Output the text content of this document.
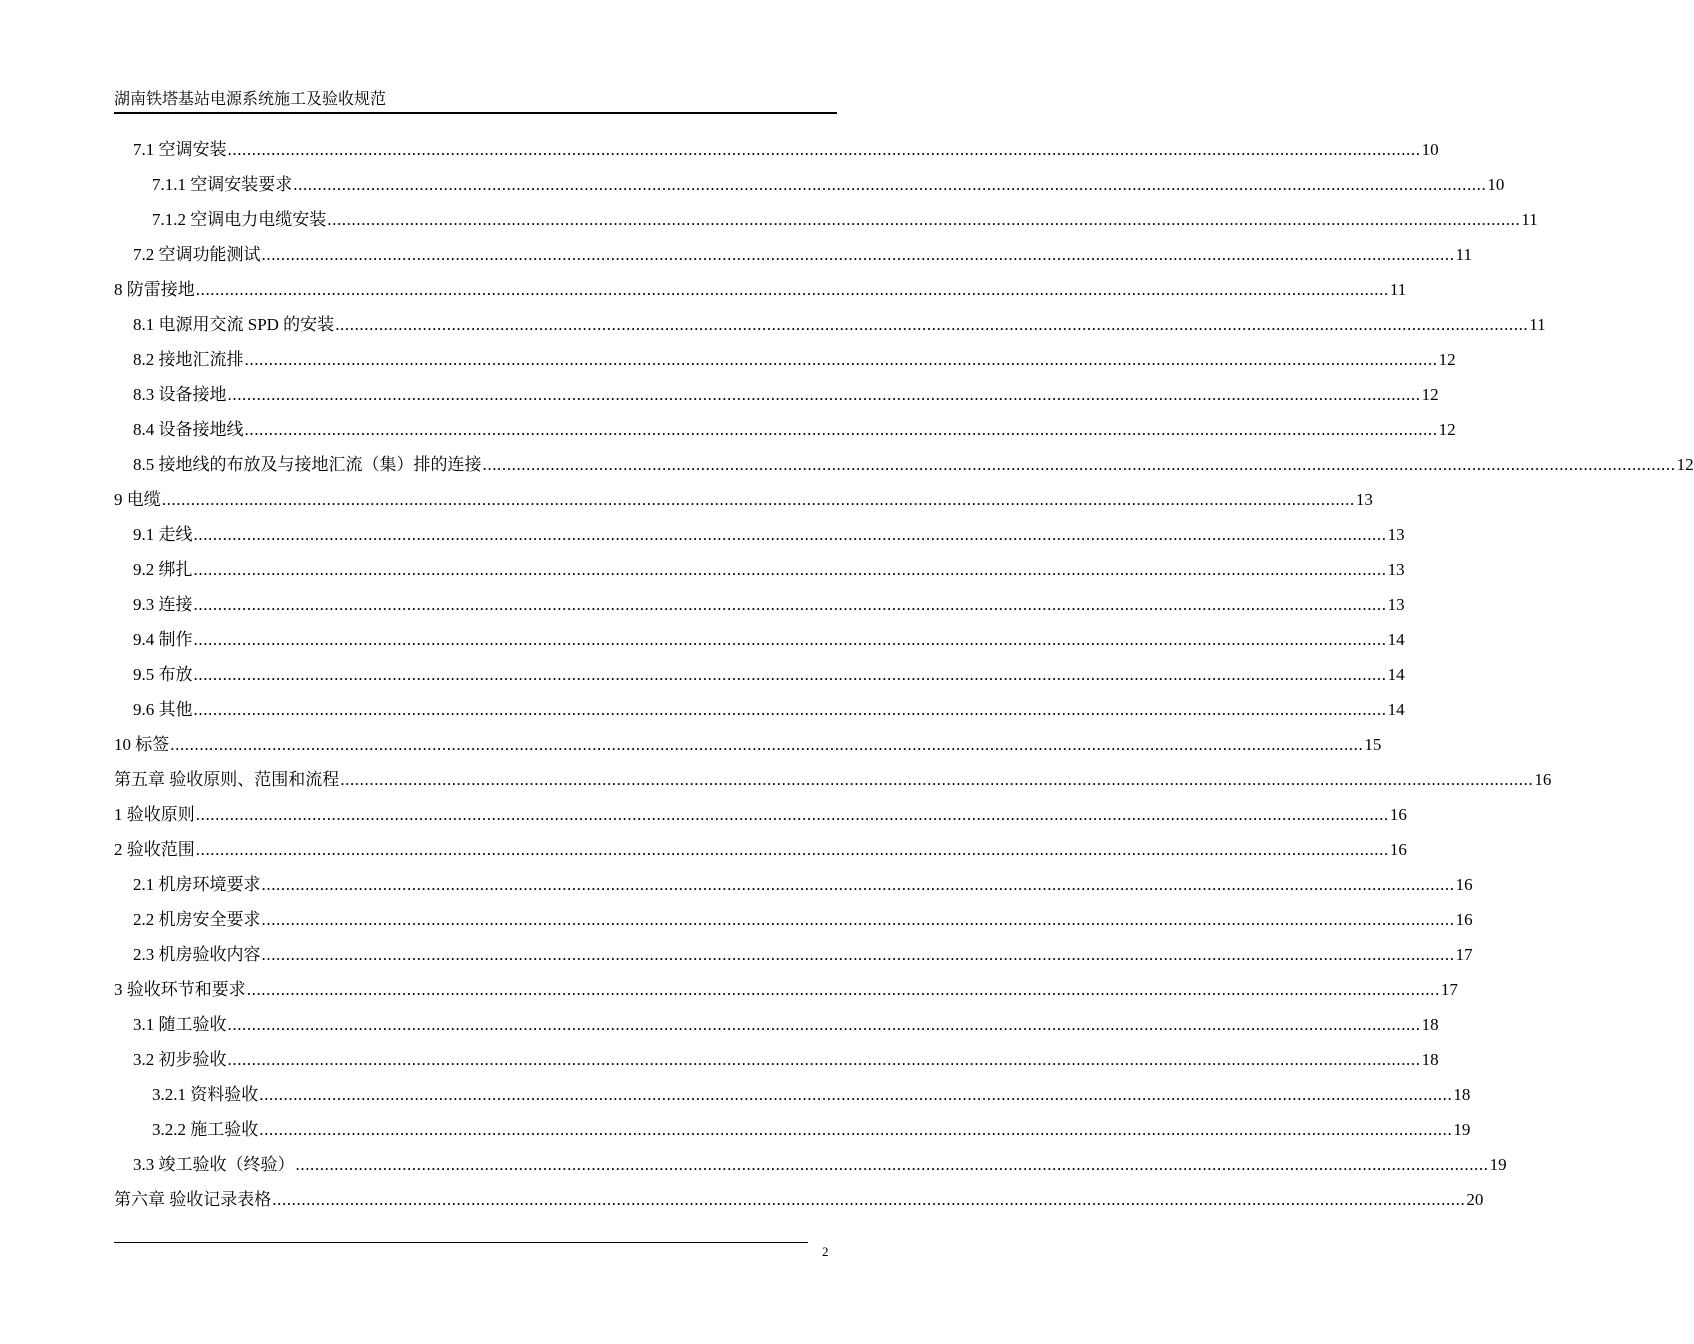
湖南铁塔基站电源系统施工及验收规范
7.1 空调安装 ...................................................................................................................................................................................................................................................... 10
7.1.1 空调安装要求 ...................................................................................................................................................................................................................................................... 10
7.1.2 空调电力电缆安装 ...................................................................................................................................................................................................................................................... 11
7.2 空调功能测试 ...................................................................................................................................................................................................................................................... 11
8 防雷接地 ...................................................................................................................................................................................................................................................... 11
8.1 电源用交流 SPD 的安装 ...................................................................................................................................................................................................................................................... 11
8.2 接地汇流排 ...................................................................................................................................................................................................................................................... 12
8.3 设备接地 ...................................................................................................................................................................................................................................................... 12
8.4 设备接地线 ...................................................................................................................................................................................................................................................... 12
8.5 接地线的布放及与接地汇流（集）排的连接 ...................................................................................................................................................................................................................................................... 12
9 电缆 ...................................................................................................................................................................................................................................................... 13
9.1 走线 ...................................................................................................................................................................................................................................................... 13
9.2 绑扎 ...................................................................................................................................................................................................................................................... 13
9.3 连接 ...................................................................................................................................................................................................................................................... 13
9.4 制作 ...................................................................................................................................................................................................................................................... 14
9.5 布放 ...................................................................................................................................................................................................................................................... 14
9.6 其他 ...................................................................................................................................................................................................................................................... 14
10 标签 ...................................................................................................................................................................................................................................................... 15
第五章 验收原则、范围和流程 ...................................................................................................................................................................................................................................................... 16
1 验收原则 ...................................................................................................................................................................................................................................................... 16
2 验收范围 ...................................................................................................................................................................................................................................................... 16
2.1 机房环境要求 ...................................................................................................................................................................................................................................................... 16
2.2 机房安全要求 ...................................................................................................................................................................................................................................................... 16
2.3 机房验收内容 ...................................................................................................................................................................................................................................................... 17
3 验收环节和要求 ...................................................................................................................................................................................................................................................... 17
3.1 随工验收 ...................................................................................................................................................................................................................................................... 18
3.2 初步验收 ...................................................................................................................................................................................................................................................... 18
3.2.1 资料验收 ...................................................................................................................................................................................................................................................... 18
3.2.2 施工验收 ...................................................................................................................................................................................................................................................... 19
3.3 竣工验收（终验） ...................................................................................................................................................................................................................................................... 19
第六章 验收记录表格 ...................................................................................................................................................................................................................................................... 20
2
